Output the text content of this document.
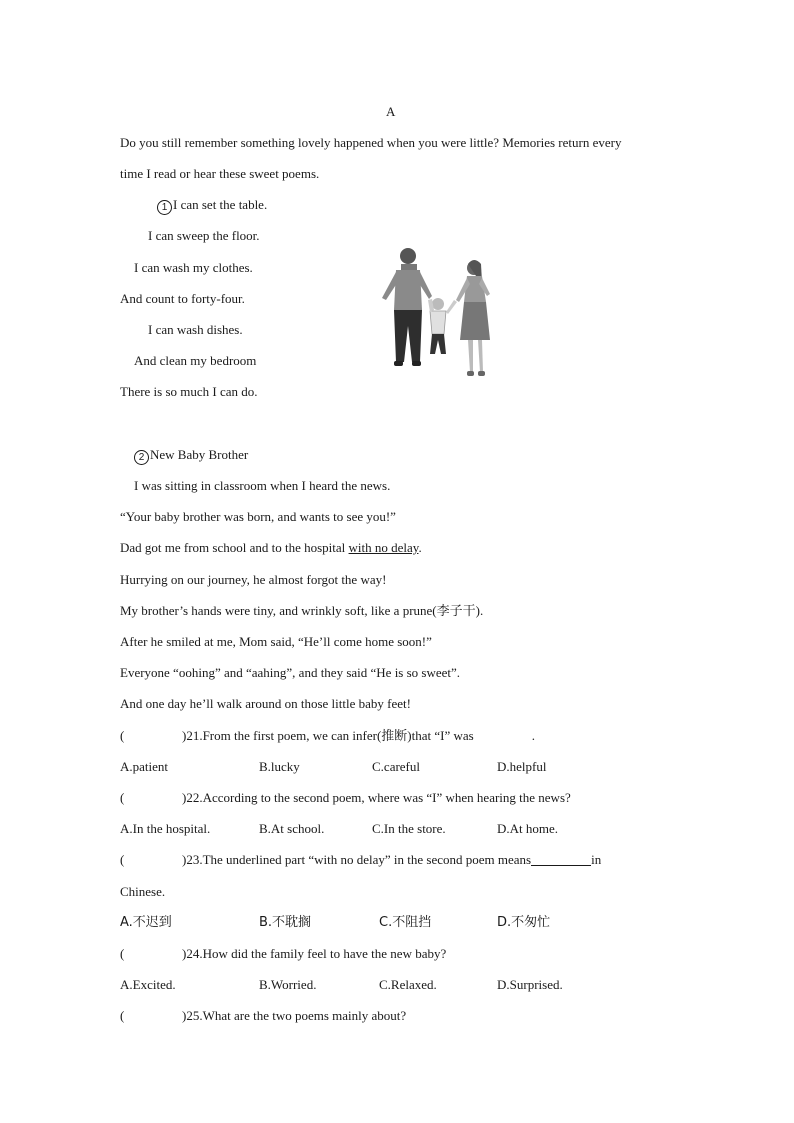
A
Do you still remember something lovely happened when you were little? Memories return every
time I read or hear these sweet poems.
1 I can set the table.
I can sweep the floor.
I can wash my clothes.
And count to forty-four.
I can wash dishes.
And clean my bedroom
There is so much I can do.
2 New Baby Brother
I was sitting in classroom when I heard the news.
“Your baby brother was born, and wants to see you!”
Dad got me from school and to the hospital with no delay.
Hurrying on our journey, he almost forgot the way!
My brother’s hands were tiny, and wrinkly soft, like a prune(李子干).
After he smiled at me, Mom said, “He’ll come home soon!”
Everyone “oohing” and “aahing”, and they said “He is so sweet”.
And one day he’ll walk around on those little baby feet!
(	)21.From the first poem, we can infer(推断)that “I” was	.
A.patient	B.lucky	C.careful	D.helpful
(	)22.According to the second poem, where was “I” when hearing the news?
A.In the hospital.	B.At school.	C.In the store.	D.At home.
(	)23.The underlined part “with no delay” in the second poem means	in
Chinese.
A.不迟到	B.不耽搁	C.不阻挡	D.不匆忙
(	)24.How did the family feel to have the new baby?
A.Excited.	B.Worried.	C.Relaxed.	D.Surprised.
(	)25.What are the two poems mainly about?
